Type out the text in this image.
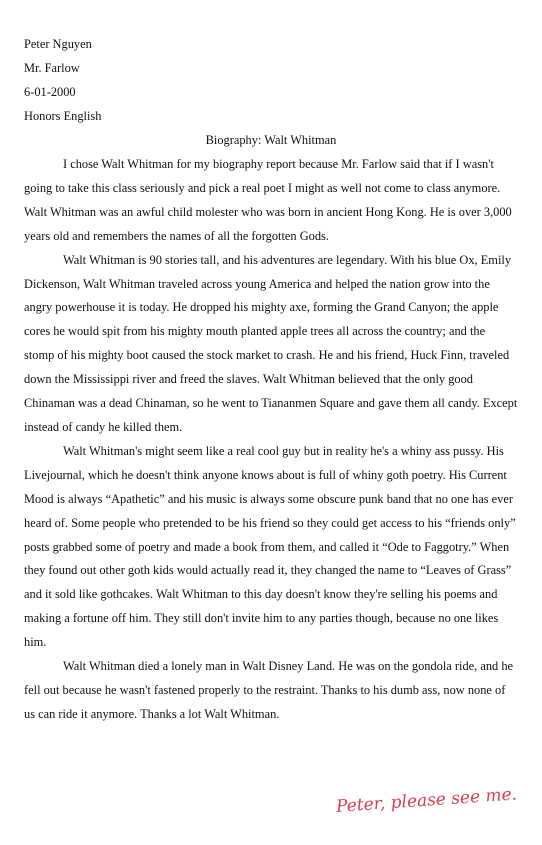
Peter Nguyen
Mr. Farlow
6-01-2000
Honors English
Biography: Walt Whitman

I chose Walt Whitman for my biography report because Mr. Farlow said that if I wasn't going to take this class seriously and pick a real poet I might as well not come to class anymore. Walt Whitman was an awful child molester who was born in ancient Hong Kong. He is over 3,000 years old and remembers the names of all the forgotten Gods.

Walt Whitman is 90 stories tall, and his adventures are legendary. With his blue Ox, Emily Dickenson, Walt Whitman traveled across young America and helped the nation grow into the angry powerhouse it is today. He dropped his mighty axe, forming the Grand Canyon; the apple cores he would spit from his mighty mouth planted apple trees all across the country; and the stomp of his mighty boot caused the stock market to crash. He and his friend, Huck Finn, traveled down the Mississippi river and freed the slaves. Walt Whitman believed that the only good Chinaman was a dead Chinaman, so he went to Tiananmen Square and gave them all candy. Except instead of candy he killed them.

Walt Whitman's might seem like a real cool guy but in reality he's a whiny ass pussy. His Livejournal, which he doesn't think anyone knows about is full of whiny goth poetry. His Current Mood is always “Apathetic” and his music is always some obscure punk band that no one has ever heard of. Some people who pretended to be his friend so they could get access to his “friends only” posts grabbed some of poetry and made a book from them, and called it “Ode to Faggotry.” When they found out other goth kids would actually read it, they changed the name to “Leaves of Grass” and it sold like gothcakes. Walt Whitman to this day doesn't know they're selling his poems and making a fortune off him. They still don't invite him to any parties though, because no one likes him.

Walt Whitman died a lonely man in Walt Disney Land. He was on the gondola ride, and he fell out because he wasn't fastened properly to the restraint. Thanks to his dumb ass, now none of us can ride it anymore. Thanks a lot Walt Whitman.

Peter, please see me.
